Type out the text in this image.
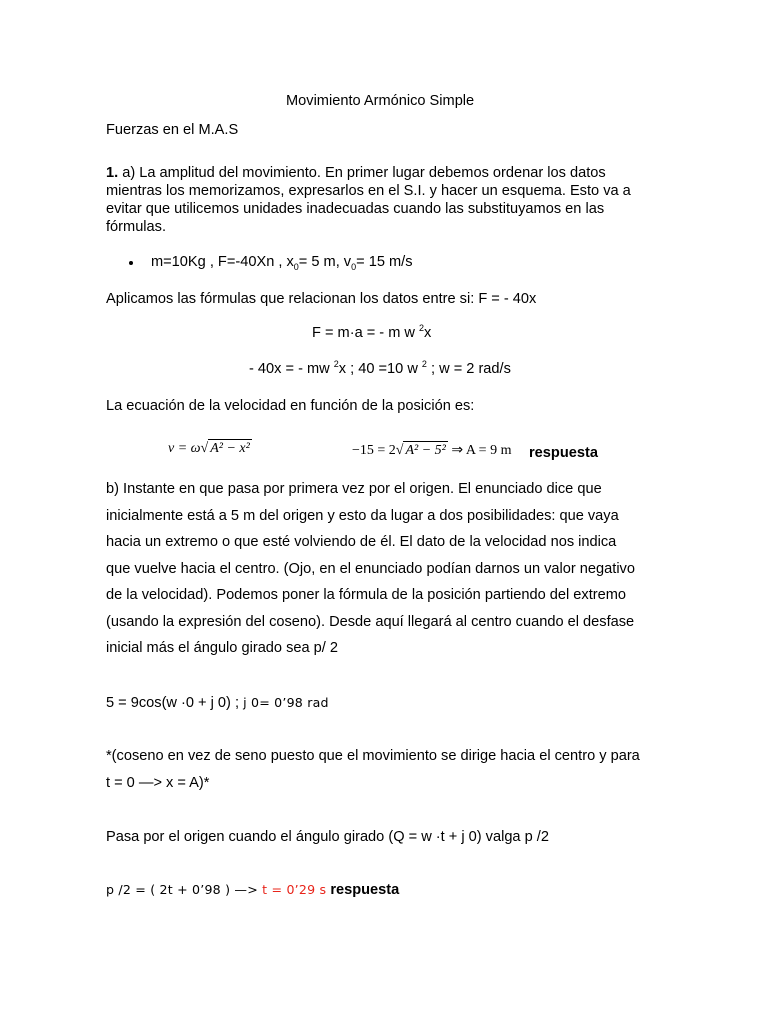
Movimiento Armónico Simple
Fuerzas en el M.A.S
1. a) La amplitud del movimiento. En primer lugar debemos ordenar los datos
mientras los memorizamos, expresarlos en el S.I. y hacer un esquema. Esto va a
evitar que utilicemos unidades inadecuadas cuando las substituyamos en las
fórmulas.
m=10Kg , F=-40Xn , $x_0= 5$ m, $v_0= 15$ m/s
Aplicamos las fórmulas que relacionan los datos entre si: F = - 40x
F = m·a = - m w $^2$x
- 40x = - mw $^2$x ; 40 =10 w $^2$ ; w = 2 rad/s
La ecuación de la velocidad en función de la posición es:
v = ω√ A² − x²	−15 = 2√ A² − 5² ⇒ A = 9 m respuesta
b) Instante en que pasa por primera vez por el origen. El enunciado dice que
inicialmente está a 5 m del origen y esto da lugar a dos posibilidades: que vaya
hacia un extremo o que esté volviendo de él. El dato de la velocidad nos indica
que vuelve hacia el centro. (Ojo, en el enunciado podían darnos un valor negativo
de la velocidad). Podemos poner la fórmula de la posición partiendo del extremo
(usando la expresión del coseno). Desde aquí llegará al centro cuando el desfase
inicial más el ángulo girado sea p/ 2
5 = 9cos(w ·0 + j 0) ; j 0= 0’98 rad
*(coseno en vez de seno puesto que el movimiento se dirige hacia el centro y para
t = 0 —> x = A)*
Pasa por el origen cuando el ángulo girado (Q = w ·t + j 0) valga p /2
p /2 = ( 2t + 0’98 ) —> t = 0’29 s respuesta
